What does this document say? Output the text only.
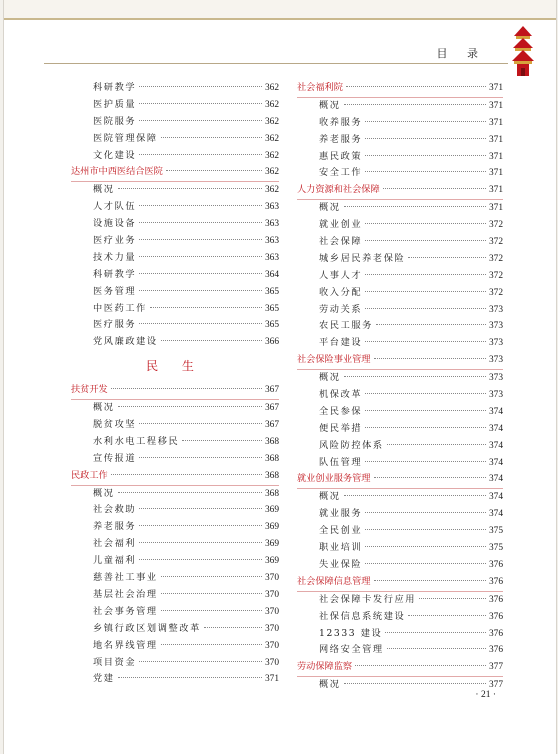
目 录
科研教学	362
医护质量	362
医院服务	362
医院管理保障	362
文化建设	362
达州市中西医结合医院	362
概况	362
人才队伍	363
设施设备	363
医疗业务	363
技术力量	363
科研教学	364
医务管理	365
中医药工作	365
医疗服务	365
党风廉政建设	366
民 生
扶贫开发	367
概况	367
脱贫攻坚	367
水利水电工程移民	368
宣传报道	368
民政工作	368
概况	368
社会救助	369
养老服务	369
社会福利	369
儿童福利	369
慈善社工事业	370
基层社会治理	370
社会事务管理	370
乡镇行政区划调整改革	370
地名界线管理	370
项目资金	370
党建	371
社会福利院	371
概况	371
收养服务	371
养老服务	371
惠民政策	371
安全工作	371
人力资源和社会保障	371
概况	371
就业创业	372
社会保障	372
城乡居民养老保险	372
人事人才	372
收入分配	372
劳动关系	373
农民工服务	373
平台建设	373
社会保险事业管理	373
概况	373
机保改革	373
全民参保	374
便民举措	374
风险防控体系	374
队伍管理	374
就业创业服务管理	374
概况	374
就业服务	374
全民创业	375
职业培训	375
失业保险	376
社会保障信息管理	376
社会保障卡发行应用	376
社保信息系统建设	376
12333 建设	376
网络安全管理	376
劳动保障监察	377
概况	377
· 21 ·
